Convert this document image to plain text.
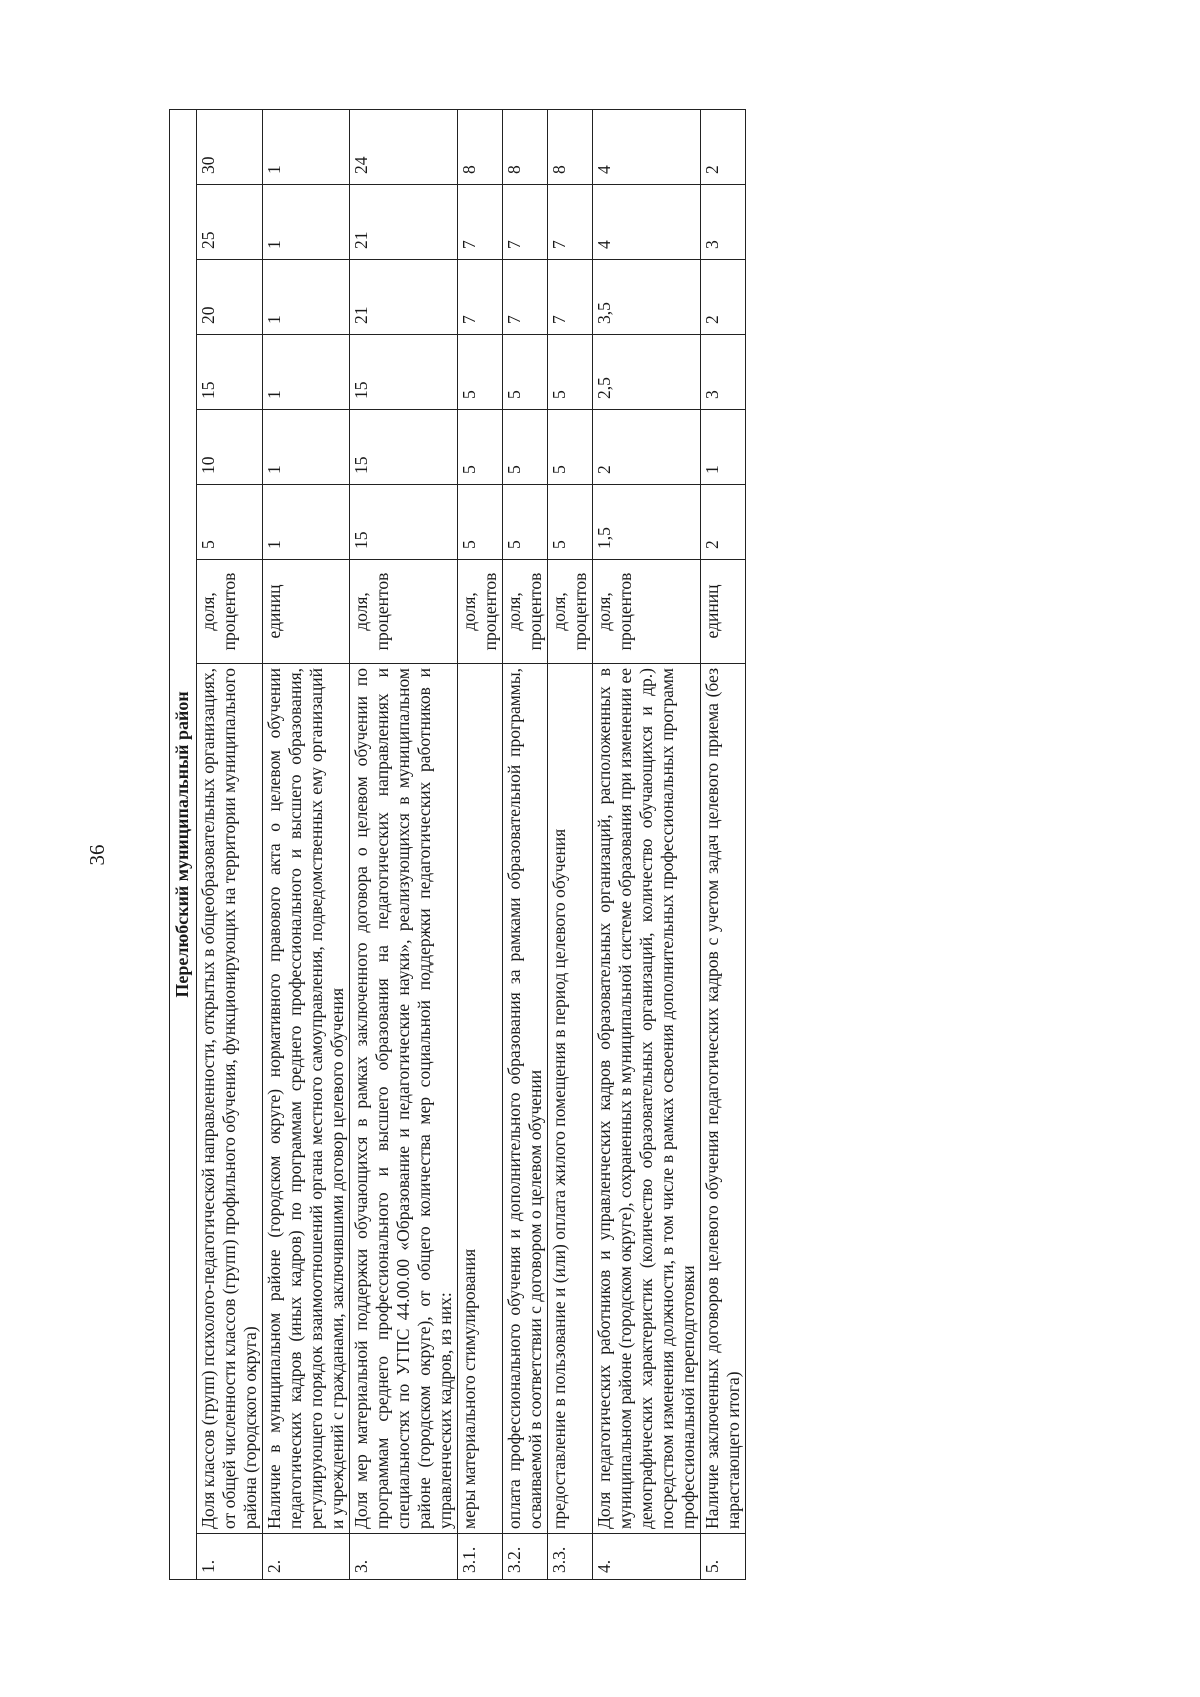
36	Перелюбский муниципальный район								
1.	Доля классов (групп) психолого-педагогической направленности, открытых в общеобразовательных организациях, от общей численности классов (групп) профильного обучения, функционирующих на территории муниципального района (городского округа)	доля, процентов	5	10	15	20	25	30
2.	Наличие в муниципальном районе (городском округе) нормативного правового акта о целевом обучении педагогических кадров (иных кадров) по программам среднего профессионального и высшего образования, регулирующего порядок взаимоотношений органа местного самоуправления, подведомственных ему организаций и учреждений с гражданами, заключившими договор целевого обучения	единиц	1	1	1	1	1	1
3.	Доля мер материальной поддержки обучающихся в рамках заключенного договора о целевом обучении по программам среднего профессионального и высшего образования на педагогических направлениях и специальностях по УГПС 44.00.00 «Образование и педагогические науки», реализующихся в муниципальном районе (городском округе), от общего количества мер социальной поддержки педагогических работников и управленческих кадров, из них:	доля, процентов	15	15	15	21	21	24
3.1.	меры материального стимулирования	доля, процентов	5	5	5	7	7	8
3.2.	оплата профессионального обучения и дополнительного образования за рамками образовательной программы, осваиваемой в соответствии с договором о целевом обучении	доля, процентов	5	5	5	7	7	8
3.3.	предоставление в пользование и (или) оплата жилого помещения в период целевого обучения	доля, процентов	5	5	5	7	7	8
4.	Доля педагогических работников и управленческих кадров образовательных организаций, расположенных в муниципальном районе (городском округе), сохраненных в муниципальной системе образования при изменении ее демографических характеристик (количество образовательных организаций, количество обучающихся и др.) посредством изменения должности, в том числе в рамках освоения дополнительных профессиональных программ профессиональной переподготовки	доля, процентов	1,5	2	2,5	3,5	4	4
5.	Наличие заключенных договоров целевого обучения педагогических кадров с учетом задач целевого приема (без нарастающего итога)	единиц	2	1	3	2	3	2
